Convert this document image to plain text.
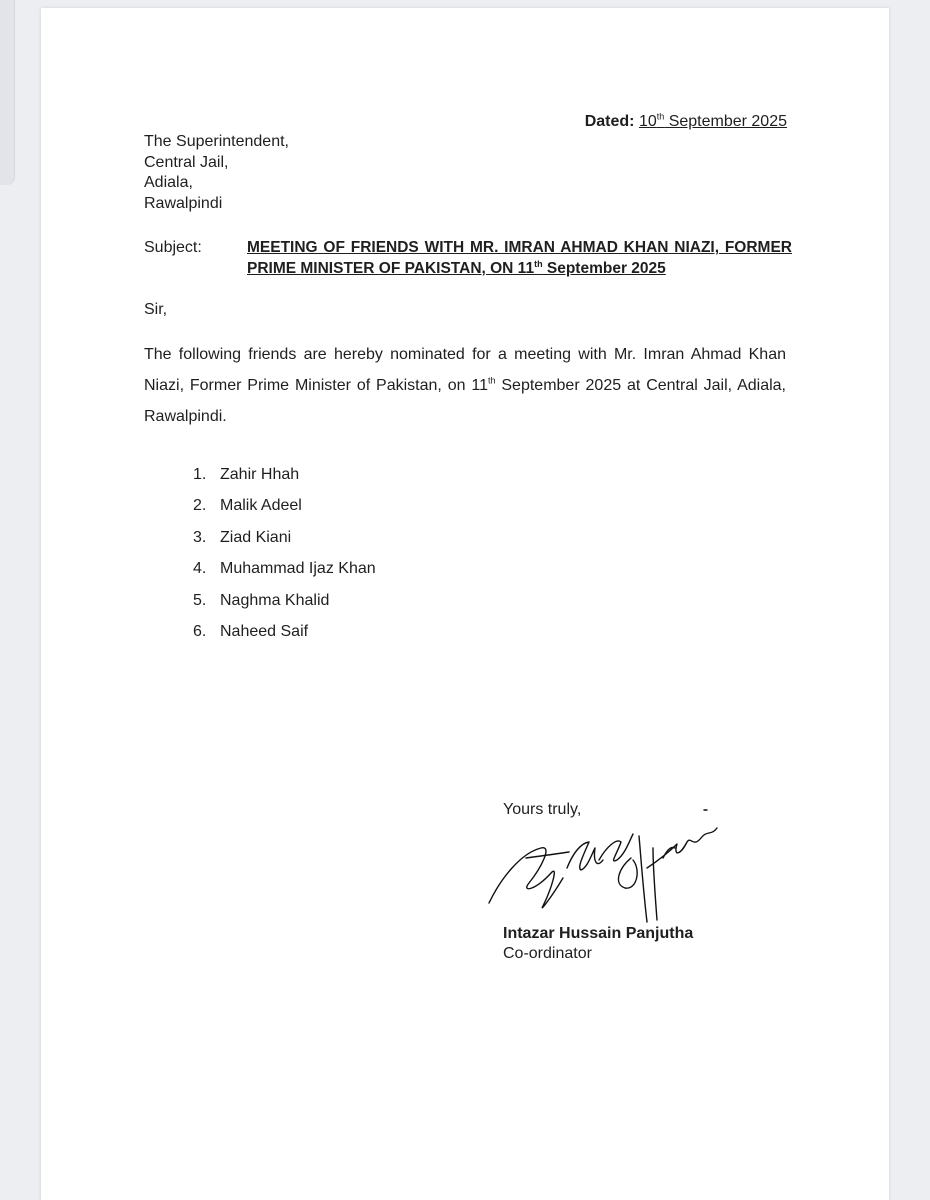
Dated: 10th September 2025
The Superintendent,
Central Jail,
Adiala,
Rawalpindi
Subject:	MEETING OF FRIENDS WITH MR. IMRAN AHMAD KHAN NIAZI, FORMER PRIME MINISTER OF PAKISTAN, ON 11th September 2025
Sir,
The following friends are hereby nominated for a meeting with Mr. Imran Ahmad Khan Niazi, Former Prime Minister of Pakistan, on 11th September 2025 at Central Jail, Adiala, Rawalpindi.
1. Zahir Hhah
2. Malik Adeel
3. Ziad Kiani
4. Muhammad Ijaz Khan
5. Naghma Khalid
6. Naheed Saif
Yours truly,
Intazar Hussain Panjutha
Co-ordinator
